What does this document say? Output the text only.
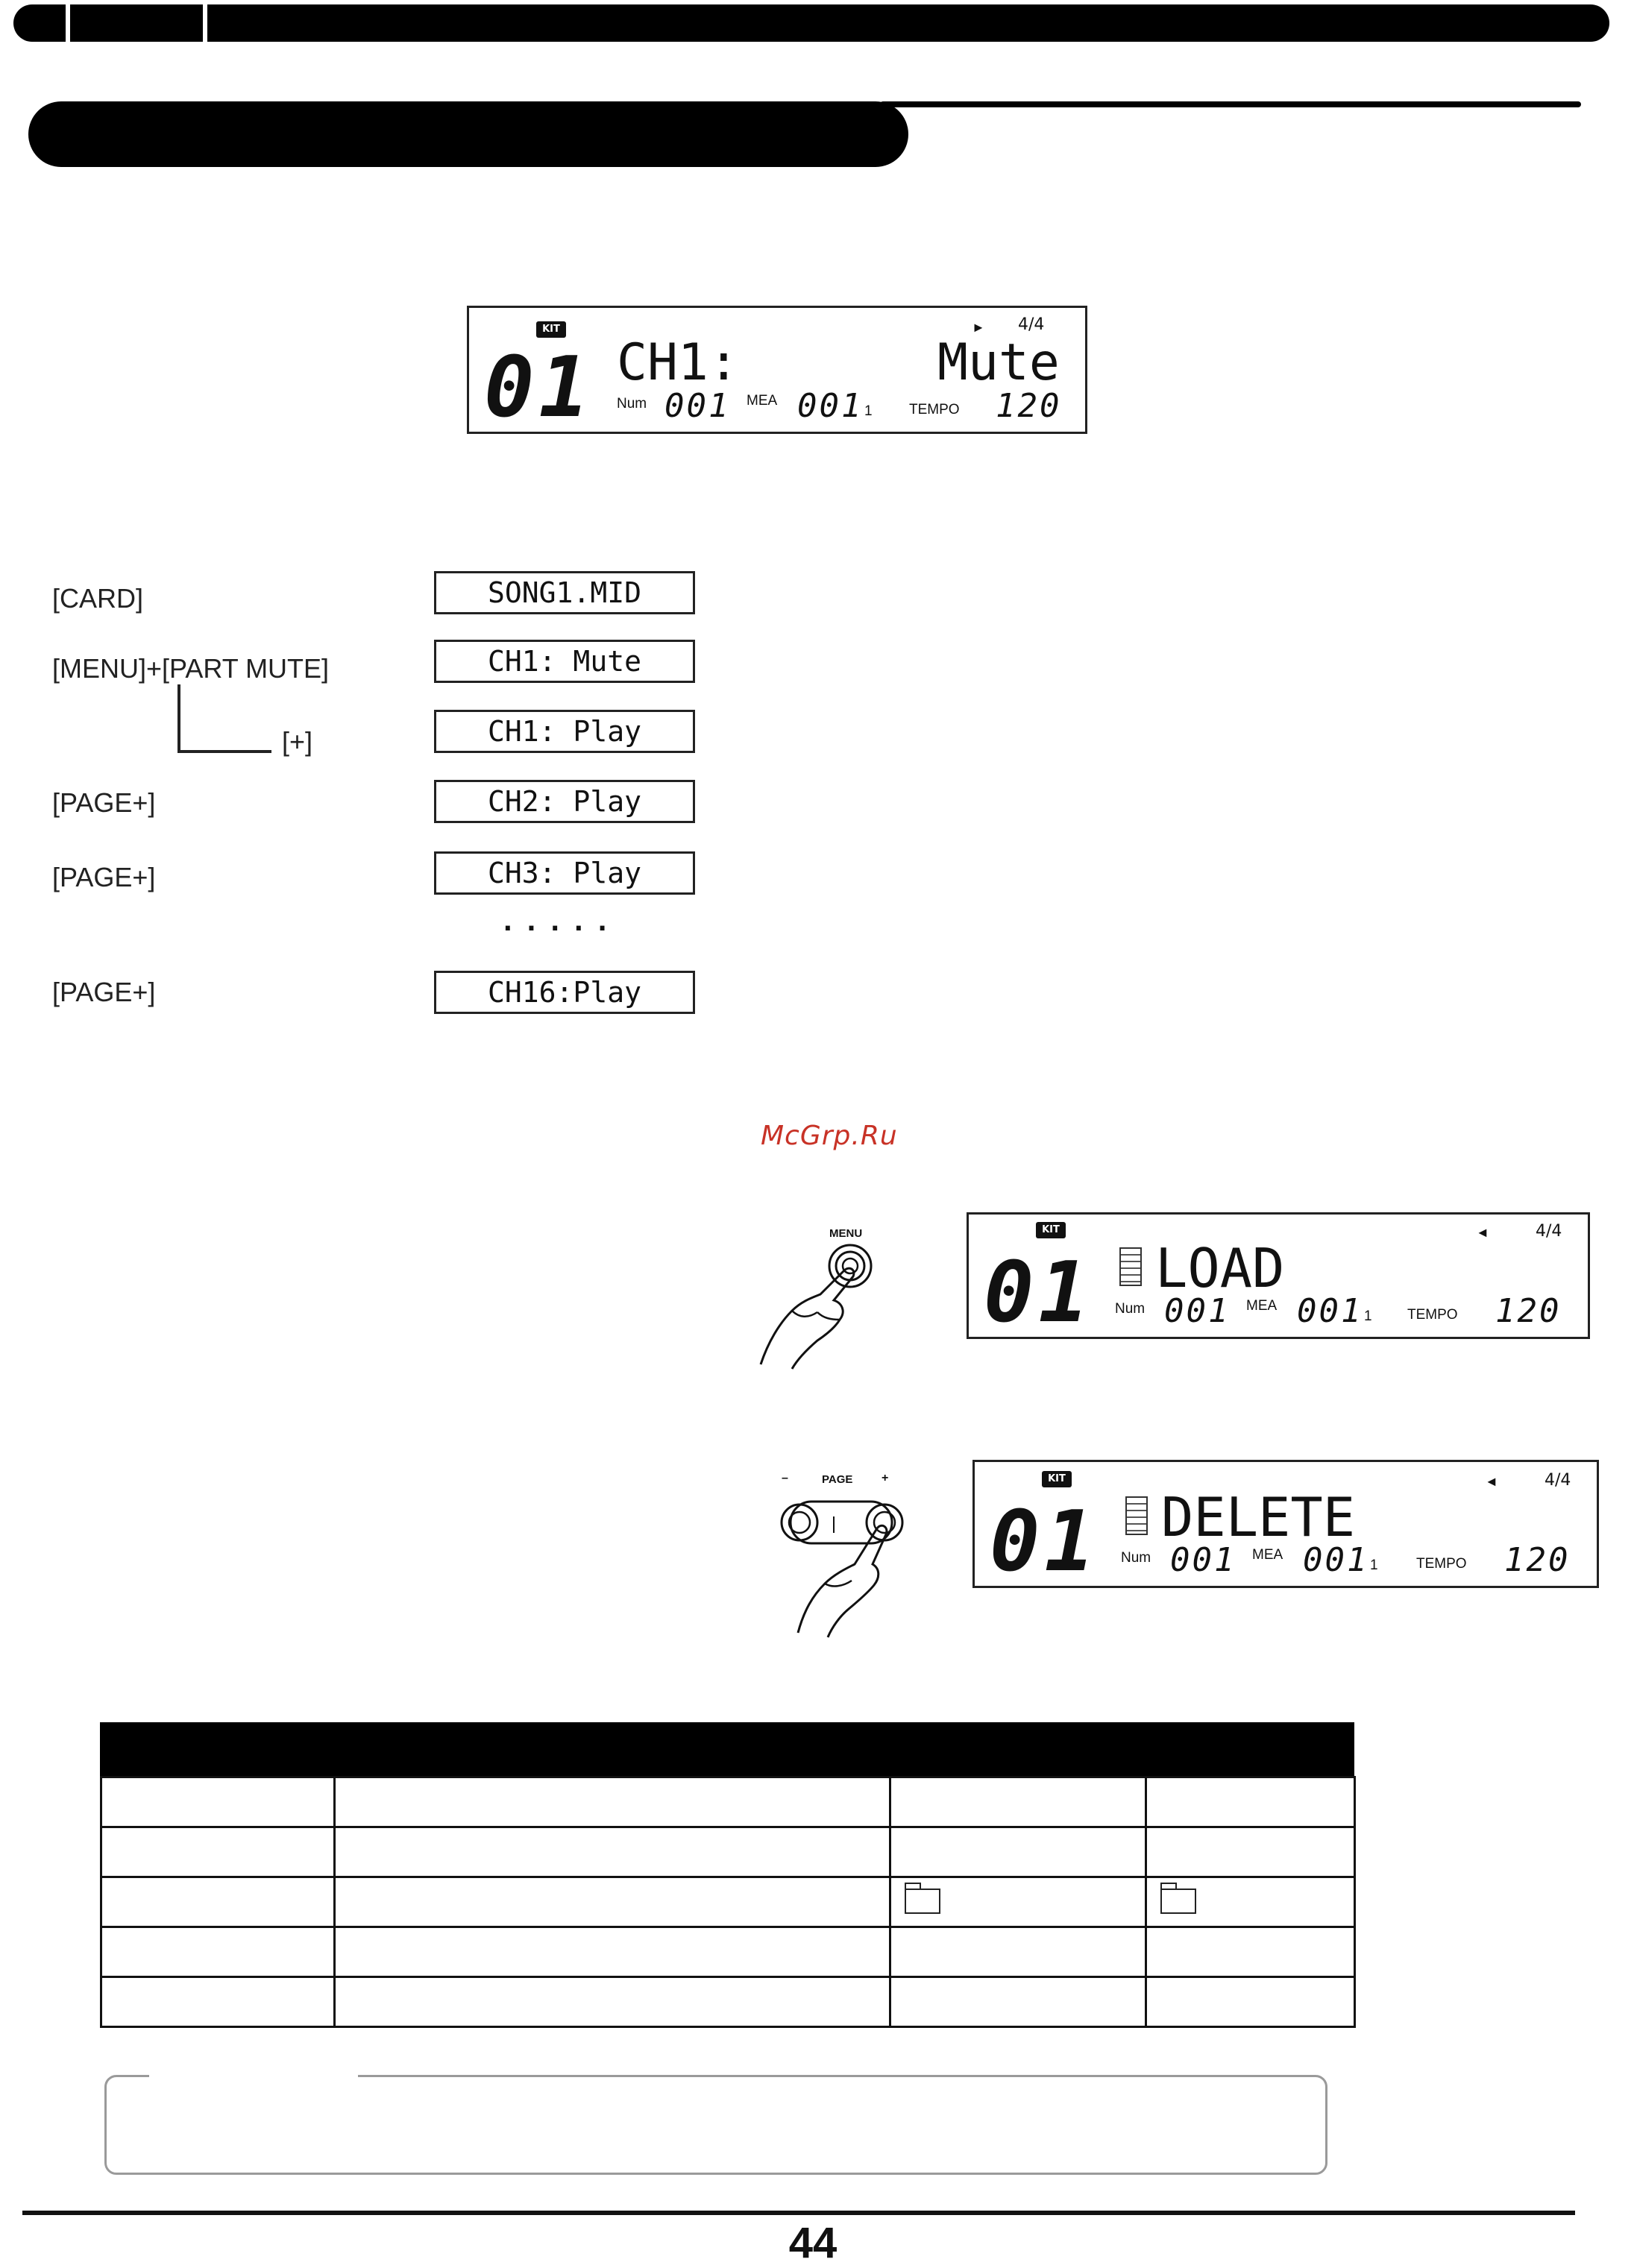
KIT
01 CH1:	Mute
► 4/4
Num 001 MEA 001 1	TEMPO 120
[CARD]	SONG1.MID
[MENU]+[PART MUTE]	CH1: Mute
[+]	CH1: Play
[PAGE+]	CH2: Play
[PAGE+]	CH3: Play
.....
[PAGE+]	CH16:Play
McGrp.Ru
MENU	KIT
01 LOAD
◄	4/4
Num 001 MEA 001 1 TEMPO 120
–	PAGE +	KIT
01 DELETE
◄	4/4
Num 001 MEA 001 1	TEMPO 120

44
